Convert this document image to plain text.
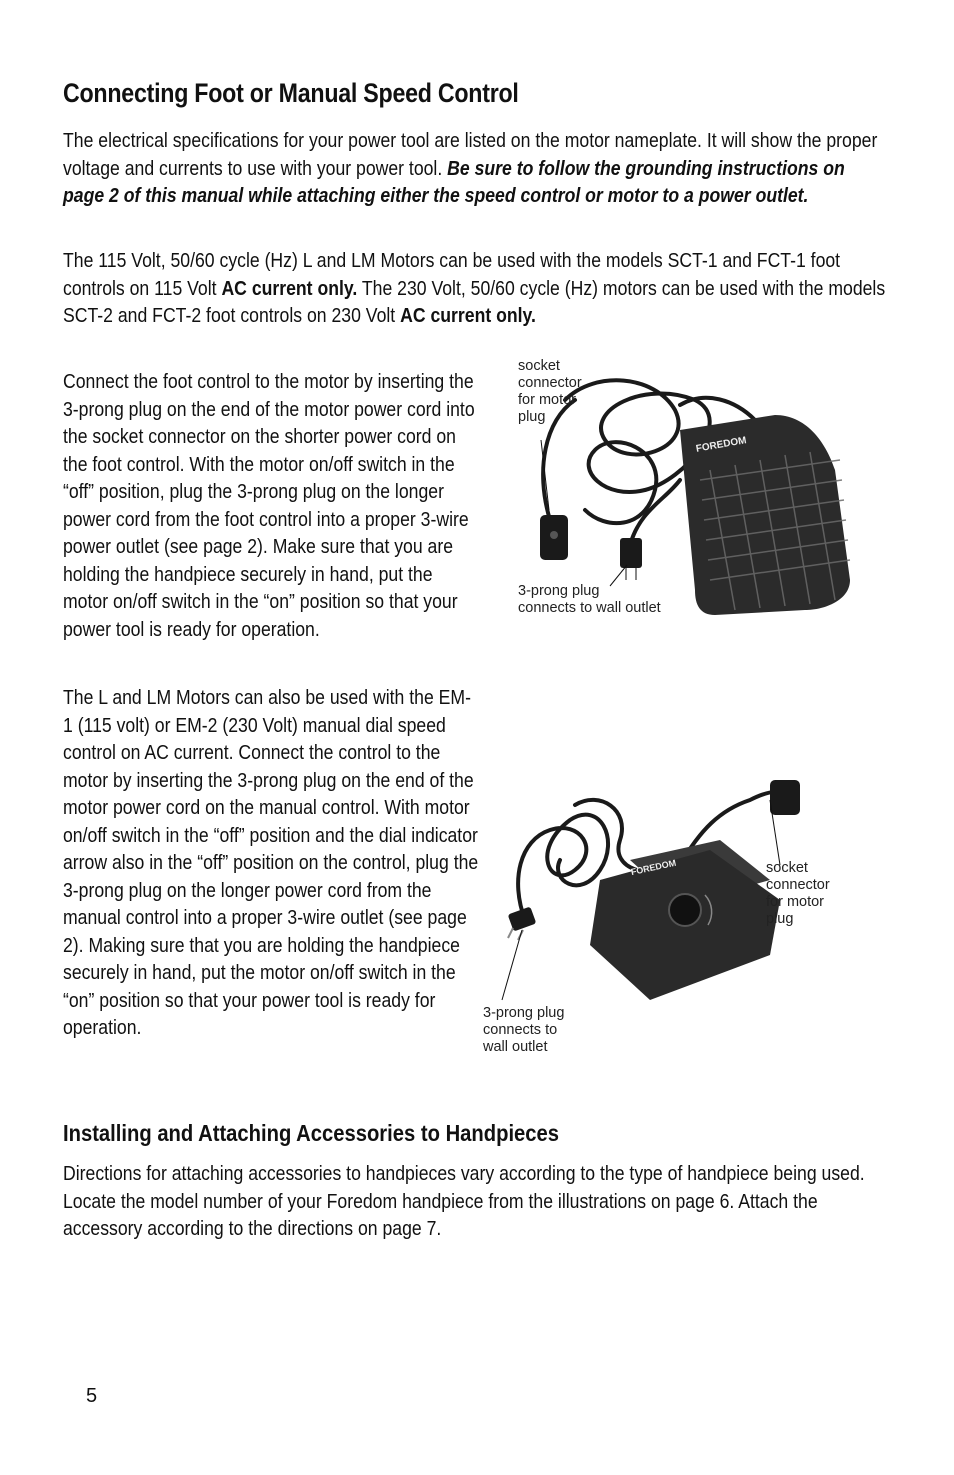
Connecting Foot or Manual Speed Control

The electrical specifications for your power tool are listed on the motor nameplate. It will show the proper voltage and currents to use with your power tool. Be sure to follow the grounding instructions on page 2 of this manual while attaching either the speed control or motor to a power outlet.

The 115 Volt, 50/60 cycle (Hz) L and LM Motors can be used with the models SCT-1 and FCT-1 foot controls on 115 Volt AC current only. The 230 Volt, 50/60 cycle (Hz) motors can be used with the models SCT-2 and FCT-2 foot controls on 230 Volt AC current only.

Connect the foot control to the motor by inserting the 3-prong plug on the end of the motor power cord into the socket connector on the shorter power cord on the foot control. With the motor on/off switch in the “off” position, plug the 3-prong plug on the longer power cord from the foot control into a proper 3-wire power outlet (see page 2). Make sure that you are holding the handpiece securely in hand, put the motor on/off switch in the “on” position so that your power tool is ready for operation.

The L and LM Motors can also be used with the EM-1 (115 volt) or EM-2 (230 Volt) manual dial speed control on AC current. Connect the control to the motor by inserting the 3-prong plug on the end of the motor power cord on the manual control. With motor on/off switch in the “off” position and the dial indicator arrow also in the “off” position on the control, plug the 3-prong plug on the longer power cord from the manual control into a proper 3-wire outlet (see page 2). Making sure that you are holding the handpiece securely in hand, put the motor on/off switch in the “on” position so that your power tool is ready for operation.

FOREDOM
socket
connector
for motor
plug
3-prong plug
connects to wall outlet
FOREDOM	socket
connector
for motor
plug
3-prong plug
connects to
wall outlet
Installing and Attaching Accessories to Handpieces

Directions for attaching accessories to handpieces vary according to the type of handpiece being used. Locate the model number of your Foredom handpiece from the illustrations on page 6. Attach the accessory according to the directions on page 7.

5
